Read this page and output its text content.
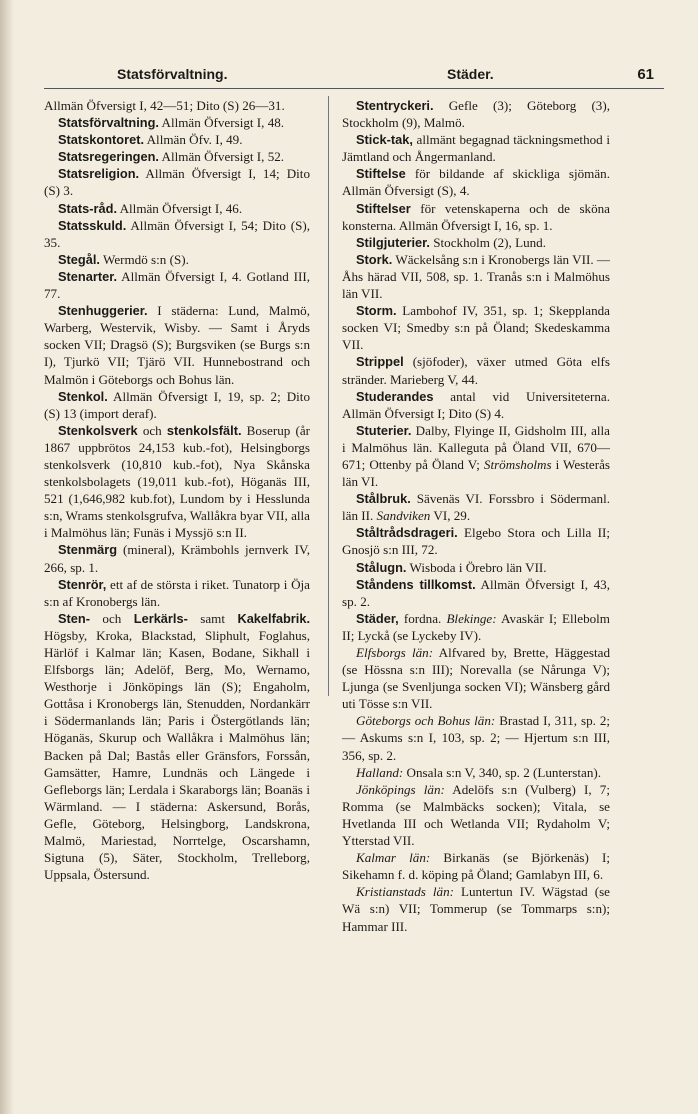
Statsförvaltning.	Städer.	61

Allmän Öfversigt I, 42—51; Dito (S) 26—31.

Statsförvaltning. Allmän Öfversigt I, 48.

Statskontoret. Allmän Öfv. I, 49.

Statsregeringen. Allmän Öfversigt I, 52.

Statsreligion. Allmän Öfversigt I, 14; Dito (S) 3.

Stats-råd. Allmän Öfversigt I, 46.

Statsskuld. Allmän Öfversigt I, 54; Dito (S), 35.

Stegål. Wermdö s:n (S).

Stenarter. Allmän Öfversigt I, 4. Gotland III, 77.

Stenhuggerier. I städerna: Lund, Malmö, Warberg, Westervik, Wisby. — Samt i Åryds socken VII; Dragsö (S); Burgsviken (se Burgs s:n I), Tjurkö VII; Tjärö VII. Hunnebostrand och Malmön i Göteborgs och Bohus län.

Stenkol. Allmän Öfversigt I, 19, sp. 2; Dito (S) 13 (import deraf).

Stenkolsverk och stenkolsfält. Boserup (år 1867 uppbrötos 24,153 kub.-fot), Helsingborgs stenkolsverk (10,810 kub.-fot), Nya Skånska stenkolsbolagets (19,011 kub.-fot), Höganäs III, 521 (1,646,982 kub.fot), Lundom by i Hesslunda s:n, Wrams stenkolsgrufva, Wallåkra byar VII, alla i Malmöhus län; Funäs i Myssjö s:n II.

Stenmärg (mineral), Krämbohls jernverk IV, 266, sp. 1.

Stenrör, ett af de största i riket. Tunatorp i Öja s:n af Kronobergs län.

Sten- och Lerkärls- samt Kakelfabrik. Högsby, Kroka, Blackstad, Sliphult, Foglahus, Härlöf i Kalmar län; Kasen, Bodane, Sikhall i Elfsborgs län; Adelöf, Berg, Mo, Wernamo, Westhorje i Jönköpings län (S); Engaholm, Gottåsa i Kronobergs län, Stenudden, Nordankärr i Södermanlands län; Paris i Östergötlands län; Höganäs, Skurup och Wallåkra i Malmöhus län; Backen på Dal; Bastås eller Gränsfors, Forssån, Gamsätter, Hamre, Lundnäs och Längede i Gefleborgs län; Lerdala i Skaraborgs län; Boanäs i Wärmland. — I städerna: Askersund, Borås, Gefle, Göteborg, Helsingborg, Landskrona, Malmö, Mariestad, Norrtelge, Oscarshamn, Sigtuna (5), Säter, Stockholm, Trelleborg, Uppsala, Östersund.

Stentryckeri. Gefle (3); Göteborg (3), Stockholm (9), Malmö.

Stick-tak, allmänt begagnad täckningsmethod i Jämtland och Ångermanland.

Stiftelse för bildande af skickliga sjömän. Allmän Öfversigt (S), 4.

Stiftelser för vetenskaperna och de sköna konsterna. Allmän Öfversigt I, 16, sp. 1.

Stilgjuterier. Stockholm (2), Lund.

Stork. Wäckelsång s:n i Kronobergs län VII. — Åhs härad VII, 508, sp. 1. Tranås s:n i Malmöhus län VII.

Storm. Lambohof IV, 351, sp. 1; Skepplanda socken VI; Smedby s:n på Öland; Skedeskamma VII.

Strippel (sjöfoder), växer utmed Göta elfs stränder. Marieberg V, 44.

Studerandes antal vid Universiteterna. Allmän Öfversigt I; Dito (S) 4.

Stuterier. Dalby, Flyinge II, Gidsholm III, alla i Malmöhus län. Kalleguta på Öland VII, 670—671; Ottenby på Öland V; Strömsholms i Westerås län VI.

Stålbruk. Sävenäs VI. Forssbro i Södermanl. län II. Sandviken VI, 29.

Ståltrådsdrageri. Elgebo Stora och Lilla II; Gnosjö s:n III, 72.

Stålugn. Wisboda i Örebro län VII.

Ståndens tillkomst. Allmän Öfversigt I, 43, sp. 2.

Städer, fordna. Blekinge: Avaskär I; Ellebolm II; Lyckå (se Lyckeby IV).

Elfsborgs län: Alfvared by, Brette, Häggestad (se Hössna s:n III); Norevalla (se Nårunga V); Ljunga (se Svenljunga socken VI); Wänsberg gård uti Tösse s:n VII.

Göteborgs och Bohus län: Brastad I, 311, sp. 2; — Askums s:n I, 103, sp. 2; — Hjertum s:n III, 356, sp. 2.

Halland: Onsala s:n V, 340, sp. 2 (Lunterstan).

Jönköpings län: Adelöfs s:n (Vulberg) I, 7; Romma (se Malmbäcks socken); Vitala, se Hvetlanda III och Wetlanda VII; Rydaholm V; Ytterstad VII.

Kalmar län: Birkanäs (se Björkenäs) I; Sikehamn f. d. köping på Öland; Gamlabyn III, 6.

Kristianstads län: Luntertun IV. Wägstad (se Wä s:n) VII; Tommerup (se Tommarps s:n); Hammar III.
